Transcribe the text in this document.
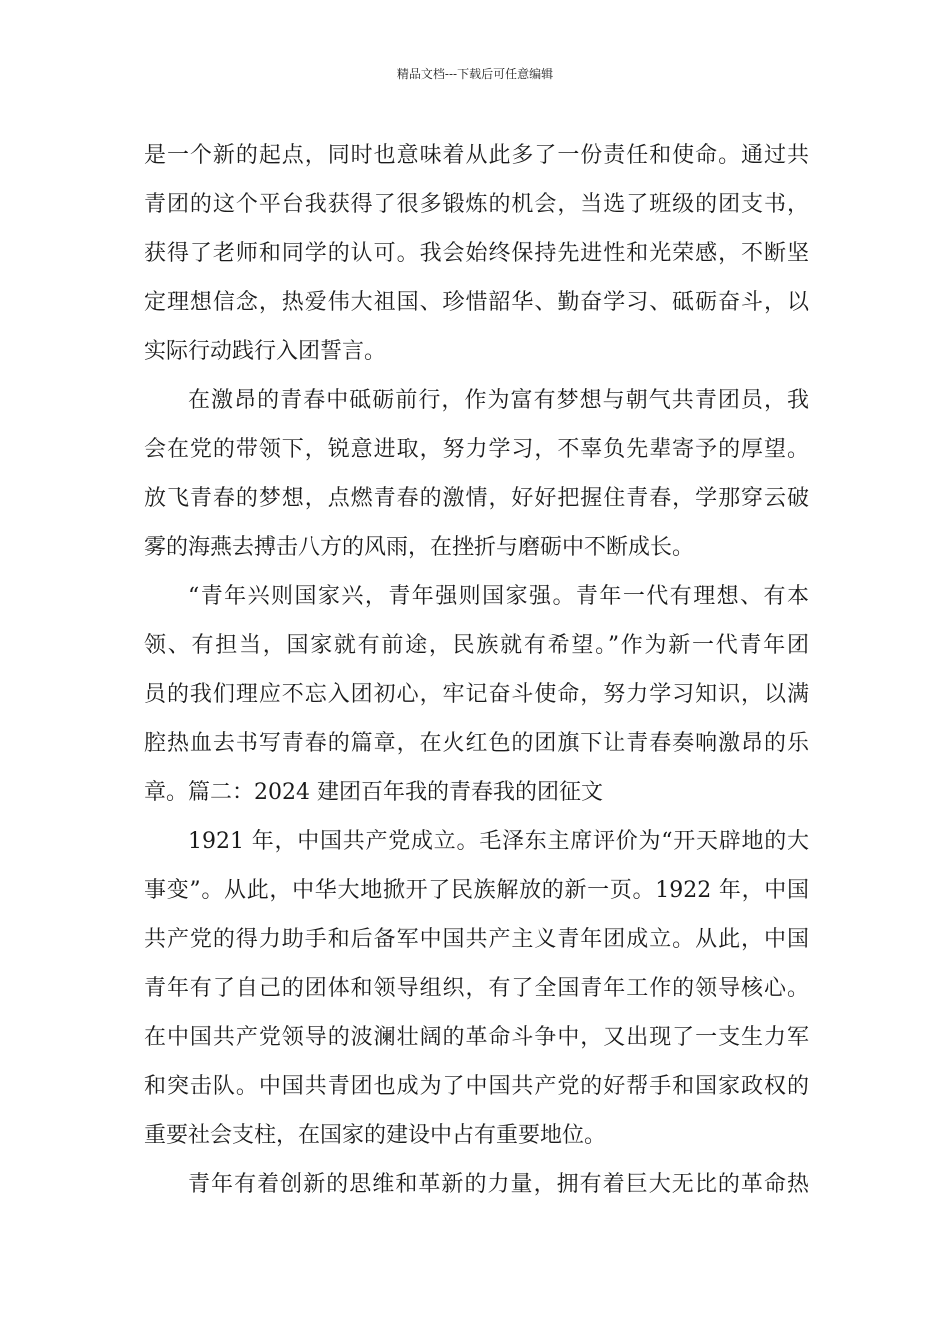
精品文档---下载后可任意编辑
是一个新的起点，同时也意味着从此多了一份责任和使命。通过共
青团的这个平台我获得了很多锻炼的机会，当选了班级的团支书，
获得了老师和同学的认可。我会始终保持先进性和光荣感，不断坚
定理想信念，热爱伟大祖国、珍惜韶华、勤奋学习、砥砺奋斗，以
实际行动践行入团誓言。
在激昂的青春中砥砺前行，作为富有梦想与朝气共青团员，我
会在党的带领下，锐意进取，努力学习，不辜负先辈寄予的厚望。
放飞青春的梦想，点燃青春的激情，好好把握住青春，学那穿云破
雾的海燕去搏击八方的风雨，在挫折与磨砺中不断成长。
“青年兴则国家兴，青年强则国家强。青年一代有理想、有本
领、有担当，国家就有前途，民族就有希望。”作为新一代青年团
员的我们理应不忘入团初心，牢记奋斗使命，努力学习知识，以满
腔热血去书写青春的篇章，在火红色的团旗下让青春奏响激昂的乐
章。篇二：2024 建团百年我的青春我的团征文
1921 年，中国共产党成立。毛泽东主席评价为“开天辟地的大
事变”。从此，中华大地掀开了民族解放的新一页。1922 年，中国
共产党的得力助手和后备军中国共产主义青年团成立。从此，中国
青年有了自己的团体和领导组织，有了全国青年工作的领导核心。
在中国共产党领导的波澜壮阔的革命斗争中，又出现了一支生力军
和突击队。中国共青团也成为了中国共产党的好帮手和国家政权的
重要社会支柱，在国家的建设中占有重要地位。
青年有着创新的思维和革新的力量，拥有着巨大无比的革命热
